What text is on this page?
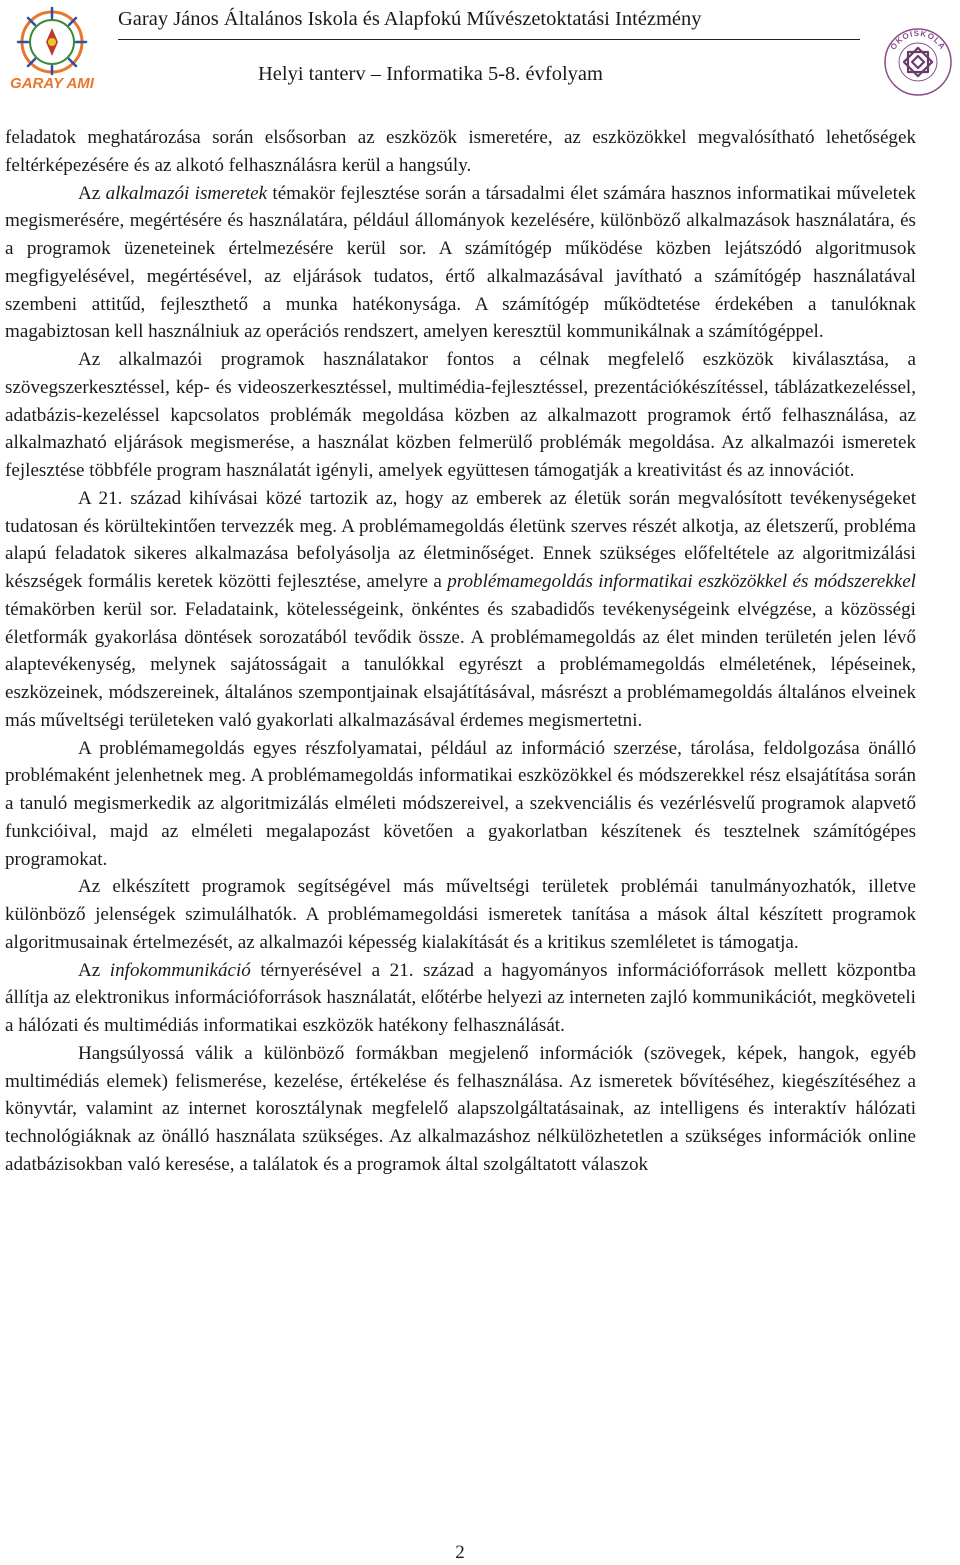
GARAY AMI
Garay János Általános Iskola és Alapfokú Művészetoktatási Intézmény
Helyi tanterv – Informatika 5-8. évfolyam
ÖKOISKOLA

feladatok meghatározása során elsősorban az eszközök ismeretére, az eszközökkel megvalósítható lehetőségek feltérképezésére és az alkotó felhasználásra kerül a hangsúly.

Az alkalmazói ismeretek témakör fejlesztése során a társadalmi élet számára hasznos informatikai műveletek megismerésére, megértésére és használatára, például állományok kezelésére, különböző alkalmazások használatára, és a programok üzeneteinek értelmezésére kerül sor. A számítógép működése közben lejátszódó algoritmusok megfigyelésével, megértésével, az eljárások tudatos, értő alkalmazásával javítható a számítógép használatával szembeni attitűd, fejleszthető a munka hatékonysága. A számítógép működtetése érdekében a tanulóknak magabiztosan kell használniuk az operációs rendszert, amelyen keresztül kommunikálnak a számítógéppel.

Az alkalmazói programok használatakor fontos a célnak megfelelő eszközök kiválasztása, a szövegszerkesztéssel, kép- és videoszerkesztéssel, multimédia-fejlesztéssel, prezentációkészítéssel, táblázatkezeléssel, adatbázis-kezeléssel kapcsolatos problémák megoldása közben az alkalmazott programok értő felhasználása, az alkalmazható eljárások megismerése, a használat közben felmerülő problémák megoldása. Az alkalmazói ismeretek fejlesztése többféle program használatát igényli, amelyek együttesen támogatják a kreativitást és az innovációt.

A 21. század kihívásai közé tartozik az, hogy az emberek az életük során megvalósított tevékenységeket tudatosan és körültekintően tervezzék meg. A problémamegoldás életünk szerves részét alkotja, az életszerű, probléma alapú feladatok sikeres alkalmazása befolyásolja az életminőséget. Ennek szükséges előfeltétele az algoritmizálási készségek formális keretek közötti fejlesztése, amelyre a problémamegoldás informatikai eszközökkel és módszerekkel témakörben kerül sor. Feladataink, kötelességeink, önkéntes és szabadidős tevékenységeink elvégzése, a közösségi életformák gyakorlása döntések sorozatából tevődik össze. A problémamegoldás az élet minden területén jelen lévő alaptevékenység, melynek sajátosságait a tanulókkal egyrészt a problémamegoldás elméletének, lépéseinek, eszközeinek, módszereinek, általános szempontjainak elsajátításával, másrészt a problémamegoldás általános elveinek más műveltségi területeken való gyakorlati alkalmazásával érdemes megismertetni.

A problémamegoldás egyes részfolyamatai, például az információ szerzése, tárolása, feldolgozása önálló problémaként jelenhetnek meg. A problémamegoldás informatikai eszközökkel és módszerekkel rész elsajátítása során a tanuló megismerkedik az algoritmizálás elméleti módszereivel, a szekvenciális és vezérlésvelű programok alapvető funkcióival, majd az elméleti megalapozást követően a gyakorlatban készítenek és tesztelnek számítógépes programokat.

Az elkészített programok segítségével más műveltségi területek problémái tanulmányozhatók, illetve különböző jelenségek szimulálhatók. A problémamegoldási ismeretek tanítása a mások által készített programok algoritmusainak értelmezését, az alkalmazói képesség kialakítását és a kritikus szemléletet is támogatja.

Az infokommunikáció térnyerésével a 21. század a hagyományos információforrások mellett központba állítja az elektronikus információforrások használatát, előtérbe helyezi az interneten zajló kommunikációt, megköveteli a hálózati és multimédiás informatikai eszközök hatékony felhasználását.

Hangsúlyossá válik a különböző formákban megjelenő információk (szövegek, képek, hangok, egyéb multimédiás elemek) felismerése, kezelése, értékelése és felhasználása. Az ismeretek bővítéséhez, kiegészítéséhez a könyvtár, valamint az internet korosztálynak megfelelő alapszolgáltatásainak, az intelligens és interaktív hálózati technológiáknak az önálló használata szükséges. Az alkalmazáshoz nélkülözhetetlen a szükséges információk online adatbázisokban való keresése, a találatok és a programok által szolgáltatott válaszok

2
